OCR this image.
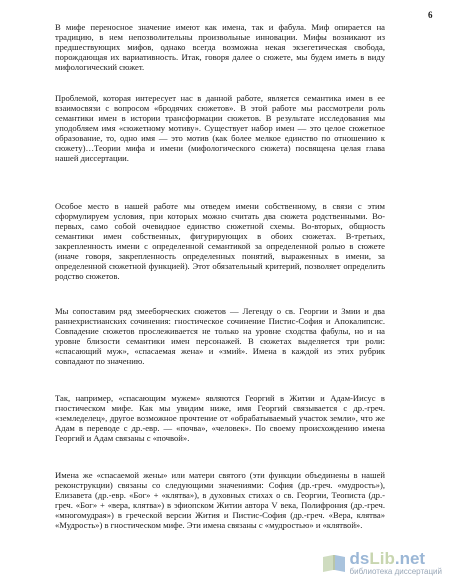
6

В мифе переносное значение имеют как имена, так и фабула. Миф опирается на традицию, в нем непозволительны произвольные инновации. Мифы возникают из предшествующих мифов, однако всегда возможна некая экзегетическая свобода, порождающая их вариативность. Итак, говоря далее о сюжете, мы будем иметь в виду мифологический сюжет.

Проблемой, которая интересует нас в данной работе, является семантика имен в ее взаимосвязи с вопросом «бродячих сюжетов». В этой работе мы рассмотрели роль семантики имен в истории трансформации сюжетов. В результате исследования мы уподобляем имя «сюжетному мотиву». Существует набор имен — это целое сюжетное образование, то, одно имя — это мотив (как более мелкое единство по отношению к сюжету)…Теории мифа и имени (мифологического сюжета) посвящена целая глава нашей диссертации.

Особое место в нашей работе мы отведем имени собственному, в связи с этим сформулируем условия, при которых можно считать два сюжета родственными. Во-первых, само собой очевидное единство сюжетной схемы. Во-вторых, общность семантики имен собственных, фигурирующих в обоих сюжетах. В-третьих, закрепленность имени с определенной семантикой за определенной ролью в сюжете (иначе говоря, закрепленность определенных понятий, выраженных в имени, за определенной сюжетной функцией). Этот обязательный критерий, позволяет определить родство сюжетов.

Мы сопоставим ряд змееборческих сюжетов — Легенду о св. Георгии и Змии и два раннехристианских сочинения: гностическое сочинение Пистис-София и Апокалипсис. Совпадение сюжетов прослеживается не только на уровне сходства фабулы, но и на уровне близости семантики имен персонажей. В сюжетах выделяется три роли: «спасающий муж», «спасаемая жена» и «змий». Имена в каждой из этих рубрик совпадают по значению.

Так, например, «спасающим мужем» являются Георгий в Житии и Адам-Иисус в гностическом мифе. Как мы увидим ниже, имя Георгий связывается с др.-греч. «земледелец», другое возможное прочтение от «обрабатываемый участок земли», что же Адам в переводе с др.-евр. — «почва», «человек». По своему происхождению имена Георгий и Адам связаны с «почвой».

Имена же «спасаемой жены» или матери святого (эти функции объединены в нашей реконструкции) связаны со следующими значениями: София (др.-греч. «мудрость»), Елизавета (др.-евр. «Бог» + «клятва»), в духовных стихах о св. Георгии, Теописта (др.-греч. «Бог» + «вера, клятва») в эфиопском Житии автора V века, Полифрония (др.-греч. «многомудрая») в греческой версии Жития и Пистис-София (др.-греч. «Вера, клятва» «Мудрость») в гностическом мифе. Эти имена связаны с «мудростью» и «клятвой».

dsLib.net
библиотека диссертаций
